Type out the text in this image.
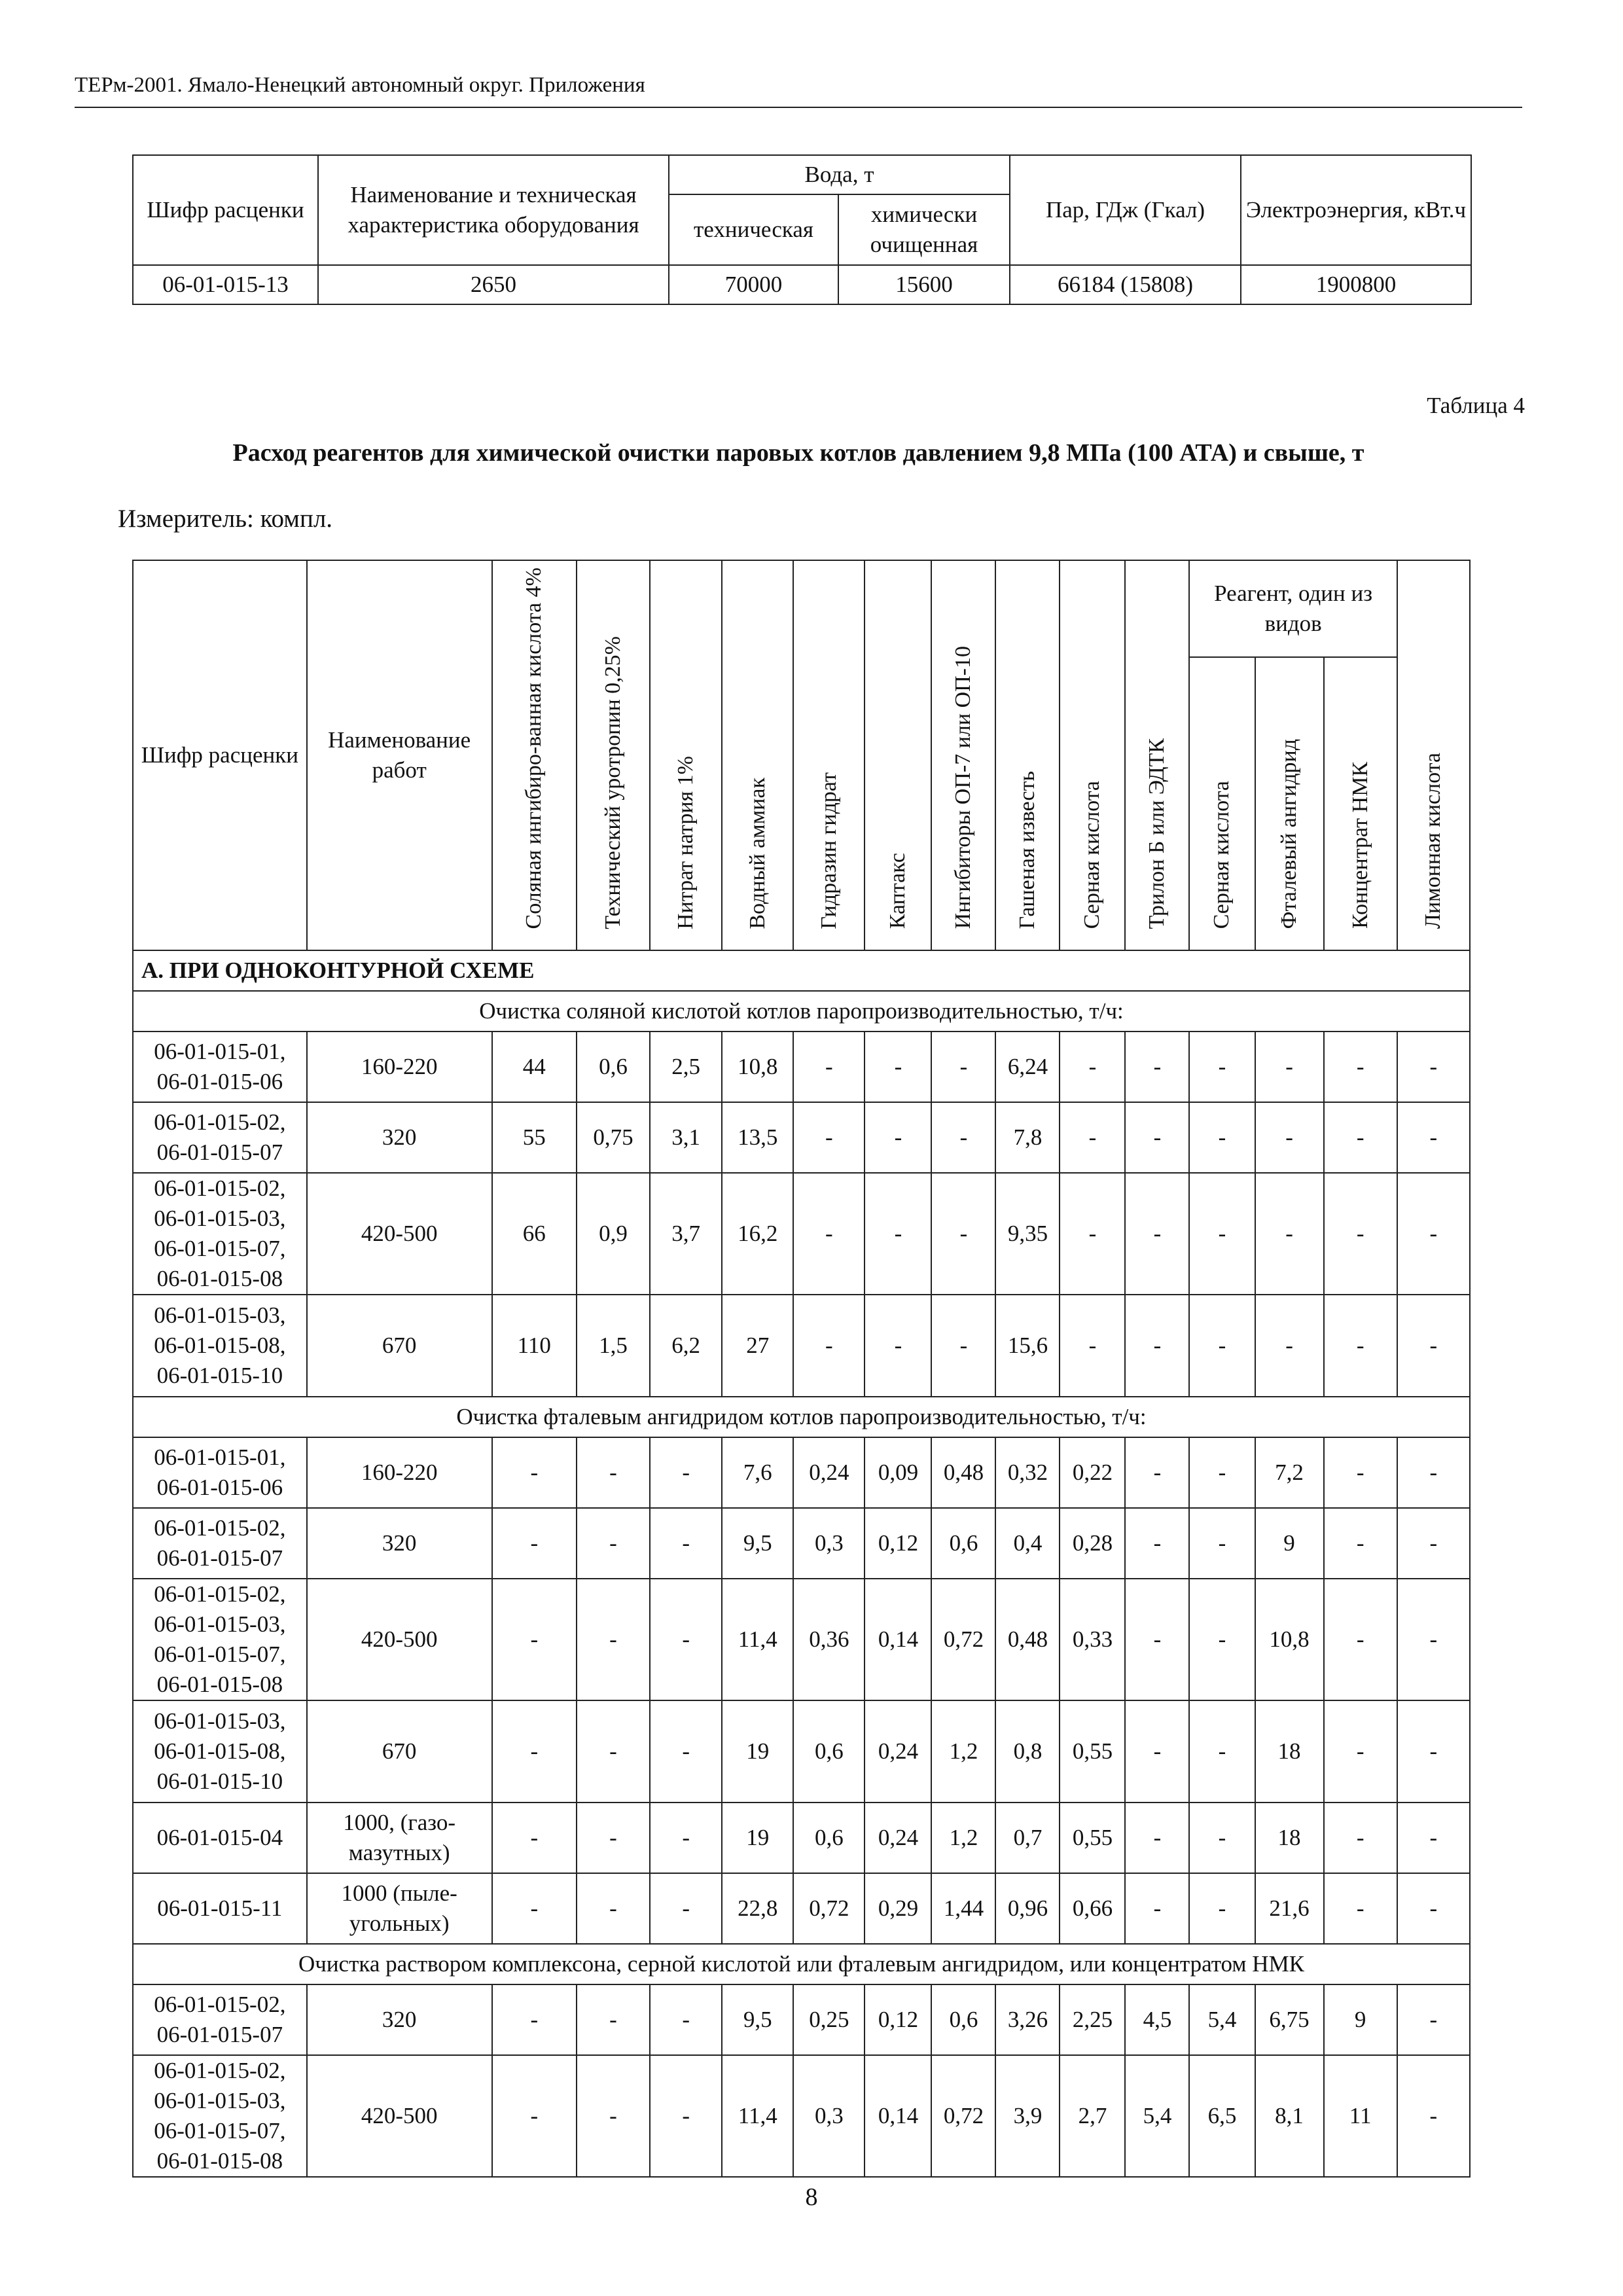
ТЕРм-2001. Ямало-Ненецкий автономный округ. Приложения
Шифр расценки	Наименование и техническая характеристика оборудования	Вода, т		Пар, ГДж (Гкал)	Электроэнергия, кВт.ч
		техническая	химически очищенная		
06-01-015-13	2650	70000	15600	66184 (15808)	1900800
Таблица 4
Расход реагентов для химической очистки паровых котлов давлением 9,8 МПа (100 АТА) и свыше, т
Измеритель: компл.
Шифр расценки	Наименование работ	Соляная ингибиро-ванная кислота 4%	Технический уротропин 0,25%	Нитрат натрия 1%	Водный аммиак	Гидразин гидрат	Каптакс	Ингибиторы ОП-7 или ОП-10	Гашеная известь	Серная кислота	Трилон Б или ЭДТК	Реагент, один из видов			Лимонная кислота
												Серная кислота	Фталевый ангидрид	Концентрат НМК	
А. ПРИ ОДНОКОНТУРНОЙ СХЕМЕ															
Очистка соляной кислотой котлов паропроизводительностью, т/ч:															
06-01-015-01, 06-01-015-06	160-220	44	0,6	2,5	10,8	-	-	-	6,24	-	-	-	-	-	-
06-01-015-02, 06-01-015-07	320	55	0,75	3,1	13,5	-	-	-	7,8	-	-	-	-	-	-
06-01-015-02, 06-01-015-03, 06-01-015-07, 06-01-015-08	420-500	66	0,9	3,7	16,2	-	-	-	9,35	-	-	-	-	-	-
06-01-015-03, 06-01-015-08, 06-01-015-10	670	110	1,5	6,2	27	-	-	-	15,6	-	-	-	-	-	-
Очистка фталевым ангидридом котлов паропроизводительностью, т/ч:															
06-01-015-01, 06-01-015-06	160-220	-	-	-	7,6	0,24	0,09	0,48	0,32	0,22	-	-	7,2	-	-
06-01-015-02, 06-01-015-07	320	-	-	-	9,5	0,3	0,12	0,6	0,4	0,28	-	-	9	-	-
06-01-015-02, 06-01-015-03, 06-01-015-07, 06-01-015-08	420-500	-	-	-	11,4	0,36	0,14	0,72	0,48	0,33	-	-	10,8	-	-
06-01-015-03, 06-01-015-08, 06-01-015-10	670	-	-	-	19	0,6	0,24	1,2	0,8	0,55	-	-	18	-	-
06-01-015-04	1000, (газо-мазутных)	-	-	-	19	0,6	0,24	1,2	0,7	0,55	-	-	18	-	-
06-01-015-11	1000 (пыле-угольных)	-	-	-	22,8	0,72	0,29	1,44	0,96	0,66	-	-	21,6	-	-
Очистка раствором комплексона, серной кислотой или фталевым ангидридом, или концентратом НМК															
06-01-015-02, 06-01-015-07	320	-	-	-	9,5	0,25	0,12	0,6	3,26	2,25	4,5	5,4	6,75	9	-
06-01-015-02, 06-01-015-03, 06-01-015-07, 06-01-015-08	420-500	-	-	-	11,4	0,3	0,14	0,72	3,9	2,7	5,4	6,5	8,1	11	-
8
